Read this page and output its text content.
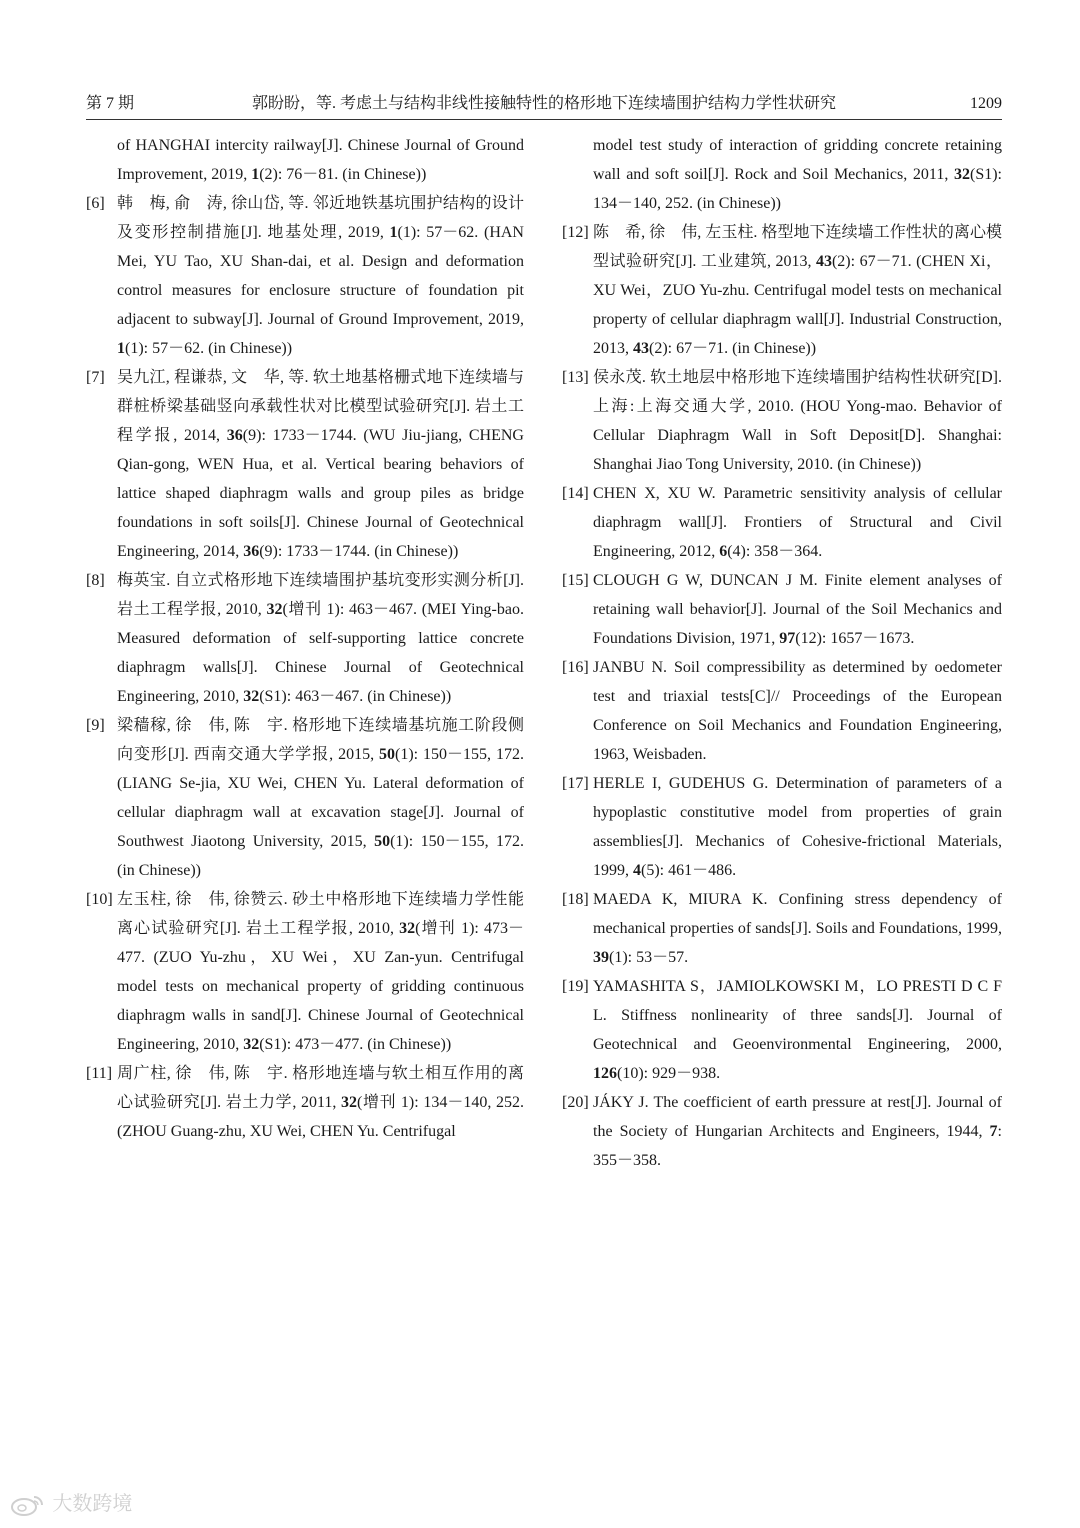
第 7 期	郭盼盼，等. 考虑土与结构非线性接触特性的格形地下连续墙围护结构力学性状研究	1209
of HANGHAI intercity railway[J]. Chinese Journal of Ground Improvement, 2019, 1(2): 76－81. (in Chinese))
[6] 韩　梅, 俞　涛, 徐山岱, 等. 邻近地铁基坑围护结构的设计及变形控制措施[J]. 地基处理, 2019, 1(1): 57－62. (HAN Mei, YU Tao, XU Shan-dai, et al. Design and deformation control measures for enclosure structure of foundation pit adjacent to subway[J]. Journal of Ground Improvement, 2019, 1(1): 57－62. (in Chinese))
[7] 吴九江, 程谦恭, 文　华, 等. 软土地基格栅式地下连续墙与群桩桥梁基础竖向承载性状对比模型试验研究[J]. 岩土工程学报, 2014, 36(9): 1733－1744. (WU Jiu-jiang, CHENG Qian-gong, WEN Hua, et al. Vertical bearing behaviors of lattice shaped diaphragm walls and group piles as bridge foundations in soft soils[J]. Chinese Journal of Geotechnical Engineering, 2014, 36(9): 1733－1744. (in Chinese))
[8] 梅英宝. 自立式格形地下连续墙围护基坑变形实测分析[J]. 岩土工程学报, 2010, 32(增刊 1): 463－467. (MEI Ying-bao. Measured deformation of self-supporting lattice concrete diaphragm walls[J]. Chinese Journal of Geotechnical Engineering, 2010, 32(S1): 463－467. (in Chinese))
[9] 梁穑稼, 徐　伟, 陈　宇. 格形地下连续墙基坑施工阶段侧向变形[J]. 西南交通大学学报, 2015, 50(1): 150－155, 172. (LIANG Se-jia, XU Wei, CHEN Yu. Lateral deformation of cellular diaphragm wall at excavation stage[J]. Journal of Southwest Jiaotong University, 2015, 50(1): 150－155, 172. (in Chinese))
[10] 左玉柱, 徐　伟, 徐赞云. 砂土中格形地下连续墙力学性能离心试验研究[J]. 岩土工程学报, 2010, 32(增刊 1): 473－477. (ZUO Yu-zhu，XU Wei，XU Zan-yun. Centrifugal model tests on mechanical property of gridding continuous diaphragm walls in sand[J]. Chinese Journal of Geotechnical Engineering, 2010, 32(S1): 473－477. (in Chinese))
[11] 周广柱, 徐　伟, 陈　宇. 格形地连墙与软土相互作用的离心试验研究[J]. 岩土力学, 2011, 32(增刊 1): 134－140, 252. (ZHOU Guang-zhu, XU Wei, CHEN Yu. Centrifugal
model test study of interaction of gridding concrete retaining wall and soft soil[J]. Rock and Soil Mechanics, 2011, 32(S1): 134－140, 252. (in Chinese))
[12] 陈　希, 徐　伟, 左玉柱. 格型地下连续墙工作性状的离心模型试验研究[J]. 工业建筑, 2013, 43(2): 67－71. (CHEN Xi，XU Wei，ZUO Yu-zhu. Centrifugal model tests on mechanical property of cellular diaphragm wall[J]. Industrial Construction, 2013, 43(2): 67－71. (in Chinese))
[13] 侯永茂. 软土地层中格形地下连续墙围护结构性状研究[D]. 上海:上海交通大学, 2010. (HOU Yong-mao. Behavior of Cellular Diaphragm Wall in Soft Deposit[D]. Shanghai: Shanghai Jiao Tong University, 2010. (in Chinese))
[14] CHEN X, XU W. Parametric sensitivity analysis of cellular diaphragm wall[J]. Frontiers of Structural and Civil Engineering, 2012, 6(4): 358－364.
[15] CLOUGH G W, DUNCAN J M. Finite element analyses of retaining wall behavior[J]. Journal of the Soil Mechanics and Foundations Division, 1971, 97(12): 1657－1673.
[16] JANBU N. Soil compressibility as determined by oedometer test and triaxial tests[C]// Proceedings of the European Conference on Soil Mechanics and Foundation Engineering, 1963, Weisbaden.
[17] HERLE I, GUDEHUS G. Determination of parameters of a hypoplastic constitutive model from properties of grain assemblies[J]. Mechanics of Cohesive-frictional Materials, 1999, 4(5): 461－486.
[18] MAEDA K, MIURA K. Confining stress dependency of mechanical properties of sands[J]. Soils and Foundations, 1999, 39(1): 53－57.
[19] YAMASHITA S，JAMIOLKOWSKI M，LO PRESTI D C F L. Stiffness nonlinearity of three sands[J]. Journal of Geotechnical and Geoenvironmental Engineering, 2000, 126(10): 929－938.
[20] JÁKY J. The coefficient of earth pressure at rest[J]. Journal of the Society of Hungarian Architects and Engineers, 1944, 7: 355－358.
大数跨境
